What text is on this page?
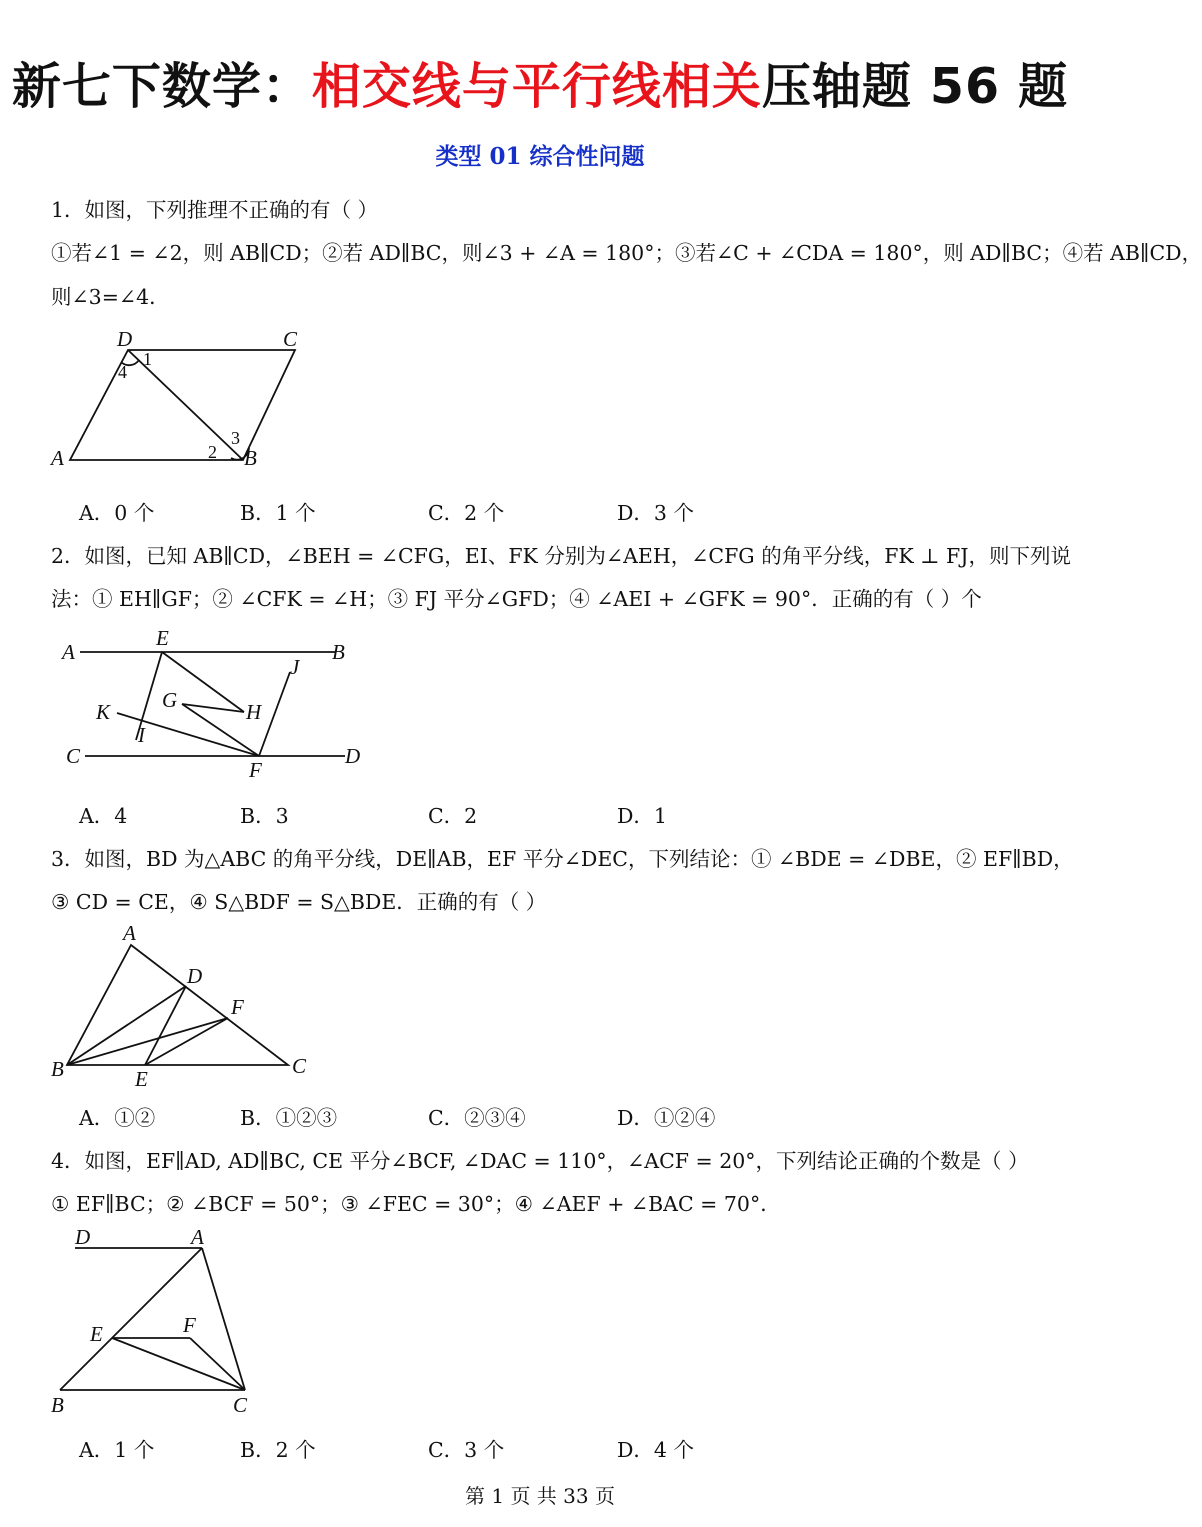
新七下数学：相交线与平行线相关压轴题 56 题
类型 01 综合性问题
1．如图，下列推理不正确的有（ ）
①若∠1 = ∠2，则 AB∥CD；②若 AD∥BC，则∠3 + ∠A = 180°；③若∠C + ∠CDA = 180°，则 AD∥BC；④若 AB∥CD，
则∠3=∠4．
D	C
A	B
1
4
2
3
A．0 个	B．1 个	C．2 个	D．3 个
2．如图，已知 AB∥CD，∠BEH = ∠CFG，EI、FK 分别为∠AEH，∠CFG 的角平分线，FK ⊥ FJ，则下列说
法：① EH∥GF；② ∠CFK = ∠H；③ FJ 平分∠GFD；④ ∠AEI + ∠GFK = 90°．正确的有（ ）个
A
E
B
J
G	H
K
I
C
F
D
A．4	B．3	C．2	D．1
3．如图，BD 为△ABC 的角平分线，DE∥AB，EF 平分∠DEC，下列结论：① ∠BDE = ∠DBE，② EF∥BD，
③ CD = CE，④ S△BDF = S△BDE．正确的有（ ）
A
D
F
B	E
C
A．①②	B．①②③	C．②③④	D．①②④
4．如图，EF∥AD, AD∥BC, CE 平分∠BCF, ∠DAC = 110°，∠ACF = 20°，下列结论正确的个数是（ ）
① EF∥BC；② ∠BCF = 50°；③ ∠FEC = 30°；④ ∠AEF + ∠BAC = 70°．
D	A
E	F
B	C
A．1 个	B．2 个	C．3 个	D．4 个
第 1 页 共 33 页
